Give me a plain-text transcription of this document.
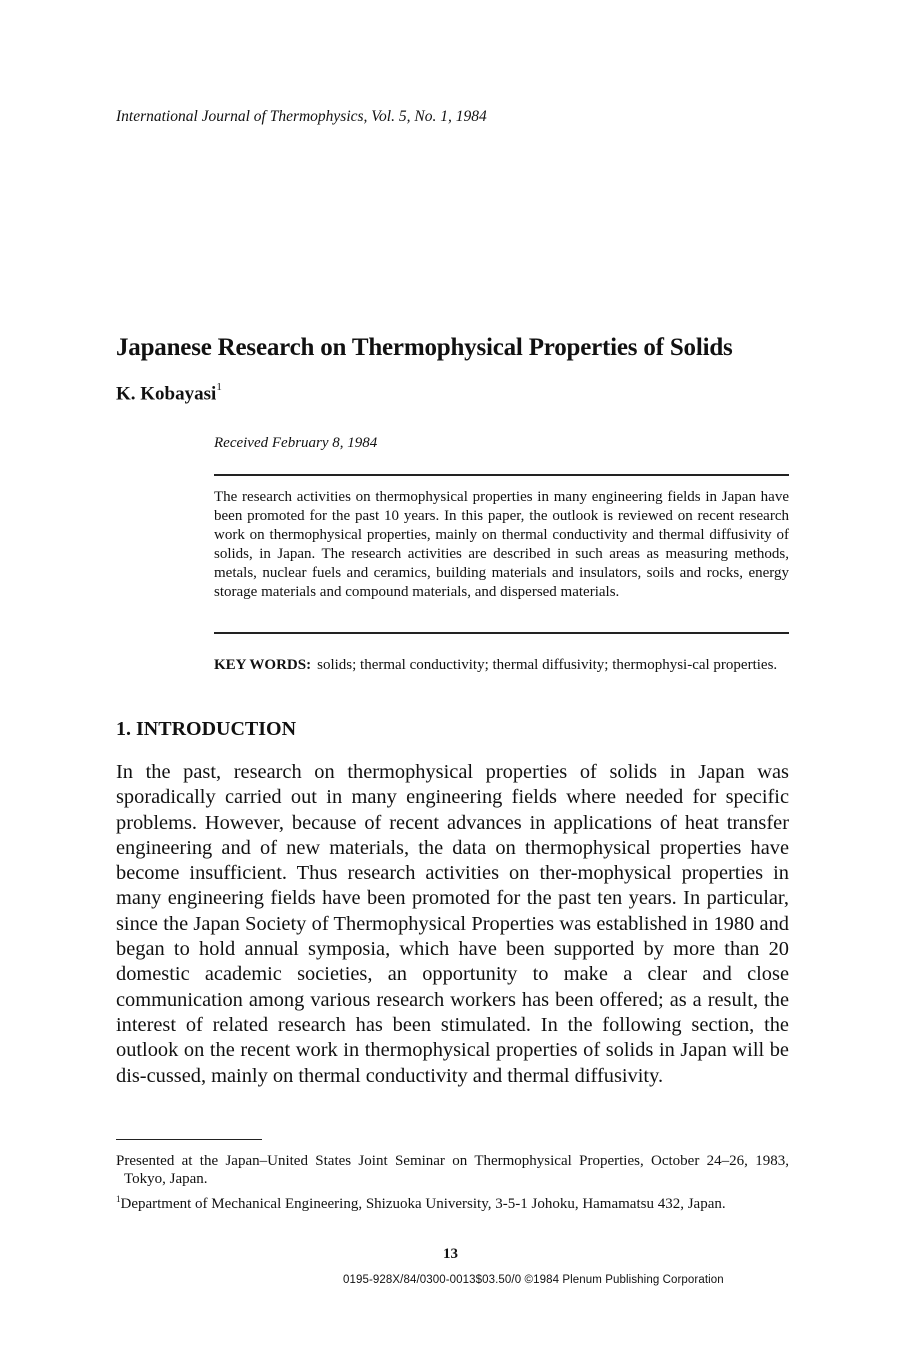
International Journal of Thermophysics, Vol. 5, No. 1, 1984
Japanese Research on Thermophysical Properties of Solids
K. Kobayasi$^1$
Received February 8, 1984
The research activities on thermophysical properties in many engineering fields in Japan have been promoted for the past 10 years. In this paper, the outlook is reviewed on recent research work on thermophysical properties, mainly on thermal conductivity and thermal diffusivity of solids, in Japan. The research activities are described in such areas as measuring methods, metals, nuclear fuels and ceramics, building materials and insulators, soils and rocks, energy storage materials and compound materials, and dispersed materials.
KEY WORDS: solids; thermal conductivity; thermal diffusivity; thermophysi-cal properties.
1. INTRODUCTION
In the past, research on thermophysical properties of solids in Japan was sporadically carried out in many engineering fields where needed for specific problems. However, because of recent advances in applications of heat transfer engineering and of new materials, the data on thermophysical properties have become insufficient. Thus research activities on ther-mophysical properties in many engineering fields have been promoted for the past ten years. In particular, since the Japan Society of Thermophysical Properties was established in 1980 and began to hold annual symposia, which have been supported by more than 20 domestic academic societies, an opportunity to make a clear and close communication among various research workers has been offered; as a result, the interest of related research has been stimulated. In the following section, the outlook on the recent work in thermophysical properties of solids in Japan will be dis-cussed, mainly on thermal conductivity and thermal diffusivity.

Presented at the Japan–United States Joint Seminar on Thermophysical Properties, October 24–26, 1983, Tokyo, Japan.

$^1$Department of Mechanical Engineering, Shizuoka University, 3-5-1 Johoku, Hamamatsu 432, Japan.

13
0195-928X/84/0300-0013$03.50/0 ©1984 Plenum Publishing Corporation
